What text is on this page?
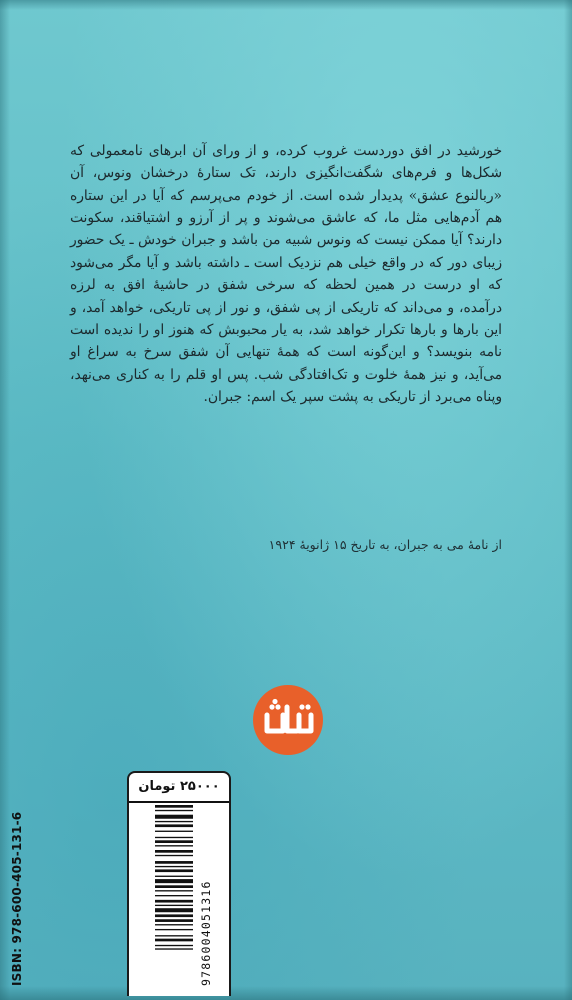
خورشید در افق دوردست غروب کرده، و از ورای آن ابرهای نامعمولی که شکل‌ها و فرم‌های شگفت‌انگیزی دارند، تک ستارهٔ درخشان ونوس، آن «ربالنوع عشق» پدیدار شده است. از خودم می‌پرسم که آیا در این ستاره هم آدم‌هایی مثل ما، که عاشق می‌شوند و پر از آرزو و اشتیاقند، سکونت دارند؟ آیا ممکن نیست که ونوس شبیه من باشد و جبران خودش ـ یک حضور زیبای دور که در واقع خیلی هم نزدیک است ـ داشته باشد و آیا مگر می‌شود که او درست در همین لحظه که سرخی شفق در حاشیهٔ افق به لرزه درآمده، و می‌داند که تاریکی از پی شفق، و نور از پی تاریکی، خواهد آمد، و این بارها و بارها تکرار خواهد شد، به یار محبوبش که هنوز او را ندیده است نامه بنویسد؟ و این‌گونه است که همهٔ تنهایی آن شفق سرخ به سراغ او می‌آید، و نیز همهٔ خلوت و تک‌افتادگی شب. پس او قلم را به کناری می‌نهد، وپناه می‌برد از تاریکی به پشت سپر یک اسم: جبران.

از نامهٔ می به جبران، به تاریخ ۱۵ ژانویهٔ ۱۹۲۴
۲۵۰۰۰ تومان
ISBN: 978-600-405-131-6	9786004051316
